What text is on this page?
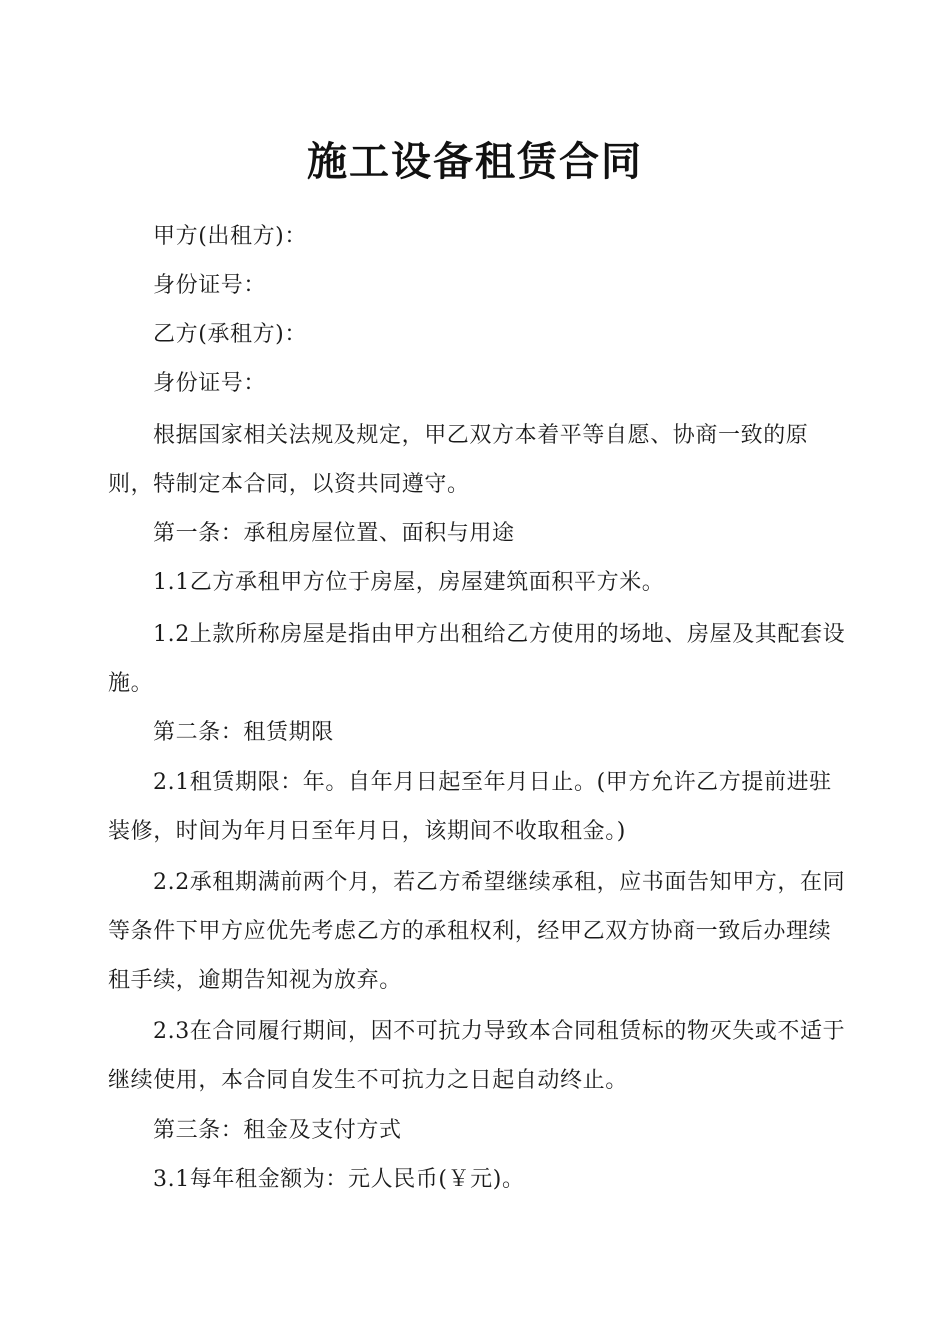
施工设备租赁合同
甲方(出租方)：
身份证号：
乙方(承租方)：
身份证号：
根据国家相关法规及规定，甲乙双方本着平等自愿、协商一致的原
则，特制定本合同，以资共同遵守。
第一条：承租房屋位置、面积与用途
1.1乙方承租甲方位于房屋，房屋建筑面积平方米。
1.2上款所称房屋是指由甲方出租给乙方使用的场地、房屋及其配套设
施。
第二条：租赁期限
2.1租赁期限：年。自年月日起至年月日止。(甲方允许乙方提前进驻
装修，时间为年月日至年月日，该期间不收取租金。)
2.2承租期满前两个月，若乙方希望继续承租，应书面告知甲方，在同
等条件下甲方应优先考虑乙方的承租权利，经甲乙双方协商一致后办理续
租手续，逾期告知视为放弃。
2.3在合同履行期间，因不可抗力导致本合同租赁标的物灭失或不适于
继续使用，本合同自发生不可抗力之日起自动终止。
第三条：租金及支付方式
3.1每年租金额为：元人民币(￥元)。
